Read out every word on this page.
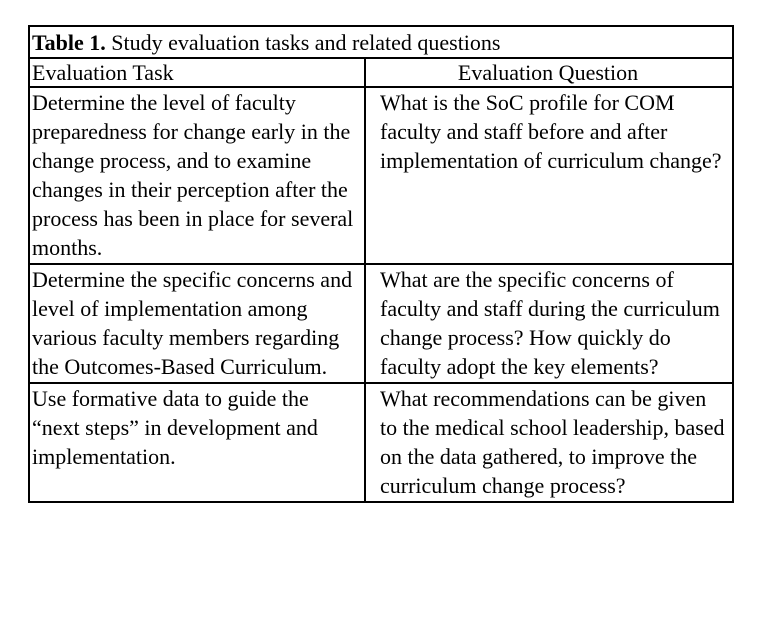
Table 1. Study evaluation tasks and related questions	
Evaluation Task	Evaluation Question
Determine the level of faculty preparedness for change early in the change process, and to examine changes in their perception after the process has been in place for several months.	What is the SoC profile for COM faculty and staff before and after implementation of curriculum change?
Determine the specific concerns and level of implementation among various faculty members regarding the Outcomes-Based Curriculum.	What are the specific concerns of faculty and staff during the curriculum change process? How quickly do faculty adopt the key elements?
Use formative data to guide the “next steps” in development and implementation.	What recommendations can be given to the medical school leadership, based on the data gathered, to improve the curriculum change process?
